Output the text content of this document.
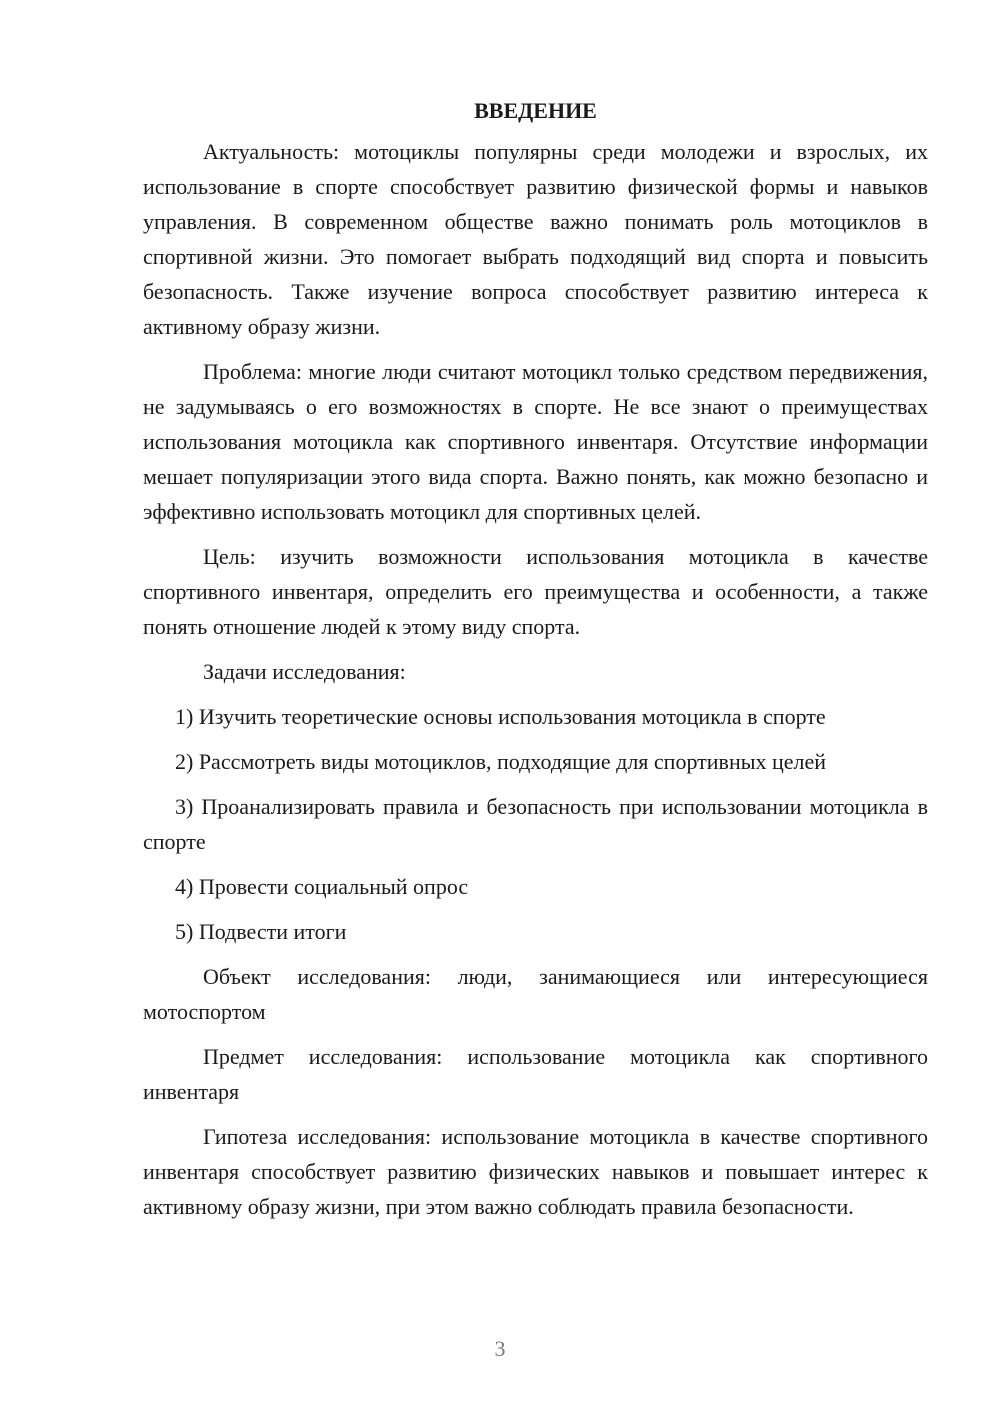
ВВЕДЕНИЕ

Актуальность: мотоциклы популярны среди молодежи и взрослых, их использование в спорте способствует развитию физической формы и навыков управления. В современном обществе важно понимать роль мотоциклов в спортивной жизни. Это помогает выбрать подходящий вид спорта и повысить безопасность. Также изучение вопроса способствует развитию интереса к активному образу жизни.

Проблема: многие люди считают мотоцикл только средством передвижения, не задумываясь о его возможностях в спорте. Не все знают о преимуществах использования мотоцикла как спортивного инвентаря. Отсутствие информации мешает популяризации этого вида спорта. Важно понять, как можно безопасно и эффективно использовать мотоцикл для спортивных целей.

Цель: изучить возможности использования мотоцикла в качестве спортивного инвентаря, определить его преимущества и особенности, а также понять отношение людей к этому виду спорта.

Задачи исследования:

1) Изучить теоретические основы использования мотоцикла в спорте

2) Рассмотреть виды мотоциклов, подходящие для спортивных целей

3) Проанализировать правила и безопасность при использовании мотоцикла в спорте

4) Провести социальный опрос

5) Подвести итоги

Объект исследования: люди, занимающиеся или интересующиеся мотоспортом

Предмет исследования: использование мотоцикла как спортивного инвентаря

Гипотеза исследования: использование мотоцикла в качестве спортивного инвентаря способствует развитию физических навыков и повышает интерес к активному образу жизни, при этом важно соблюдать правила безопасности.

3
